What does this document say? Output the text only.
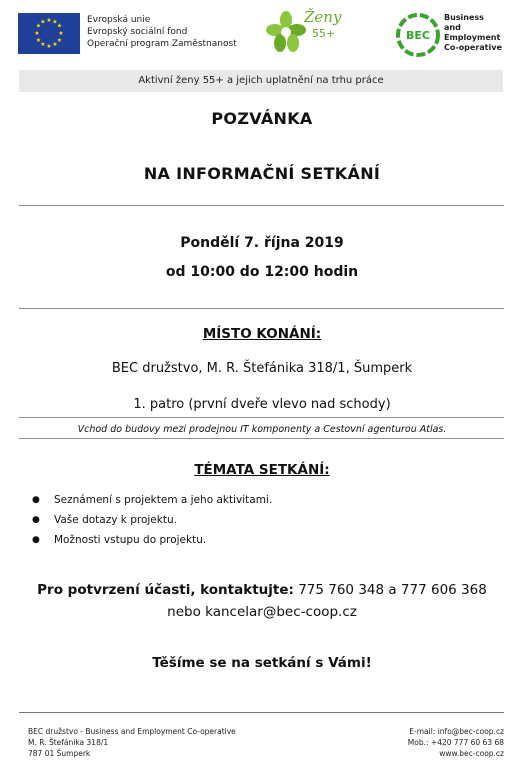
★ ★
★
★
★
★
★
★
★
★
★
★	Evropská unie
Evropský sociální fond
Operační program Zaměstnanost
Ženy
55+	BEC
Business
and
Employment
Co-operative
Aktivní ženy 55+ a jejich uplatnění na trhu práce
POZVÁNKA
NA INFORMAČNÍ SETKÁNÍ
Pondělí 7. října 2019
od 10:00 do 12:00 hodin
MÍSTO KONÁNÍ:
BEC družstvo, M. R. Štefánika 318/1, Šumperk
1. patro (první dveře vlevo nad schody)
Vchod do budovy mezi prodejnou IT komponenty a Cestovní agenturou Atlas.
TÉMATA SETKÁNÍ:
●	Seznámení s projektem a jeho aktivitami.
●	Vaše dotazy k projektu.
●	Možnosti vstupu do projektu.
Pro potvrzení účasti, kontaktujte: 775 760 348 a 777 606 368
nebo kancelar@bec-coop.cz
Těšíme se na setkání s Vámi!
BEC družstvo - Business and Employment Co-operative
M. R. Štefánika 318/1
787 01 Šumperk
E-mail: info@bec-coop.cz
Mob.: +420 777 60 63 68
www.bec-coop.cz
